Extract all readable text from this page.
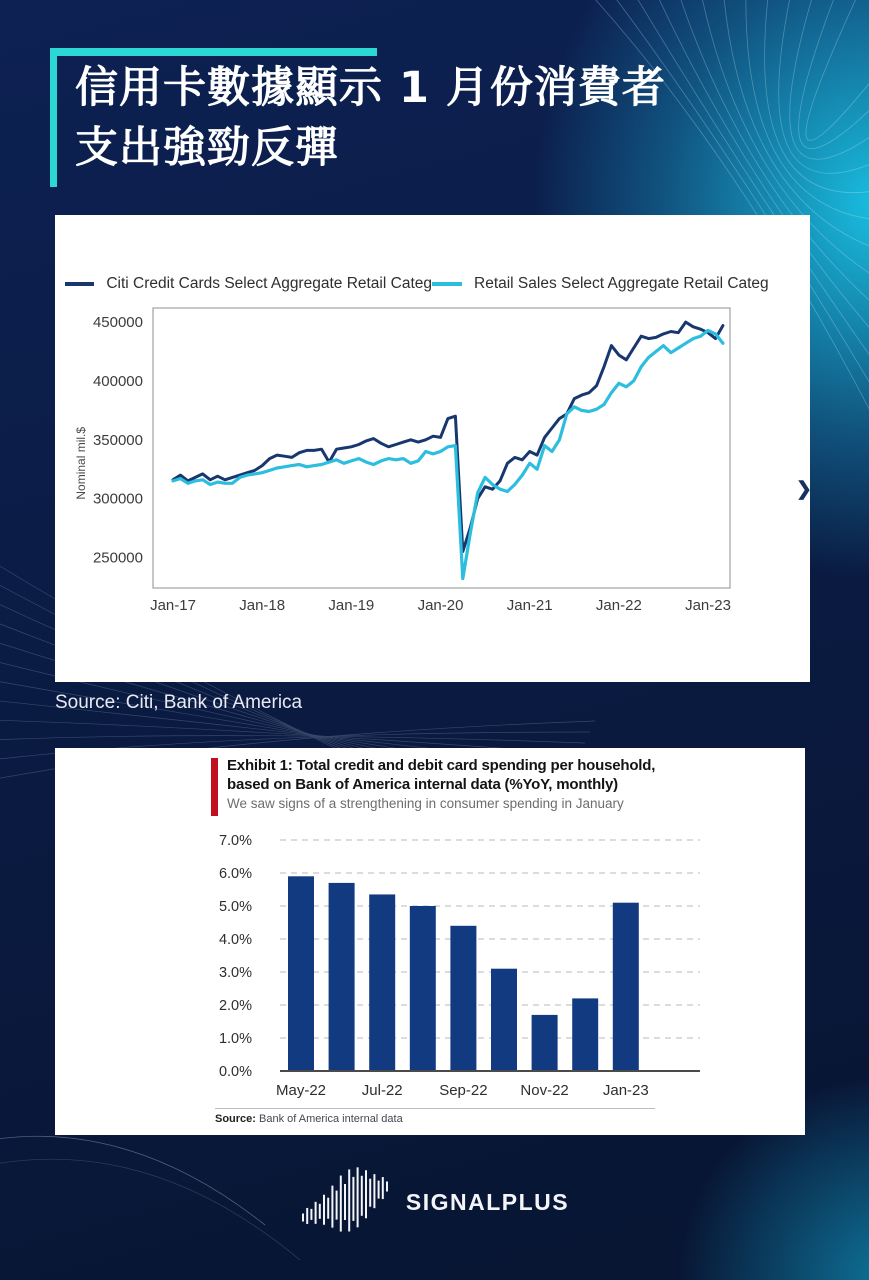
信用卡數據顯示 1 月份消費者
支出強勁反彈
Citi Credit Cards Select Aggregate Retail Categ	Retail Sales Select Aggregate Retail Categ
450000
400000
350000
300000
250000
Jan-17	Jan-18	Jan-19	Jan-20	Jan-21	Jan-22	Jan-23
Nominal mil.$	❯
Source: Citi, Bank of America
Exhibit 1: Total credit and debit card spending per household,
based on Bank of America internal data (%YoY, monthly)
We saw signs of a strengthening in consumer spending in January
0.0%
1.0%
2.0%
3.0%
4.0%
5.0%
6.0%
7.0%
May-22 Jul-22 Sep-22 Nov-22 Jan-23
Source: Bank of America internal data
SIGNALPLUS
